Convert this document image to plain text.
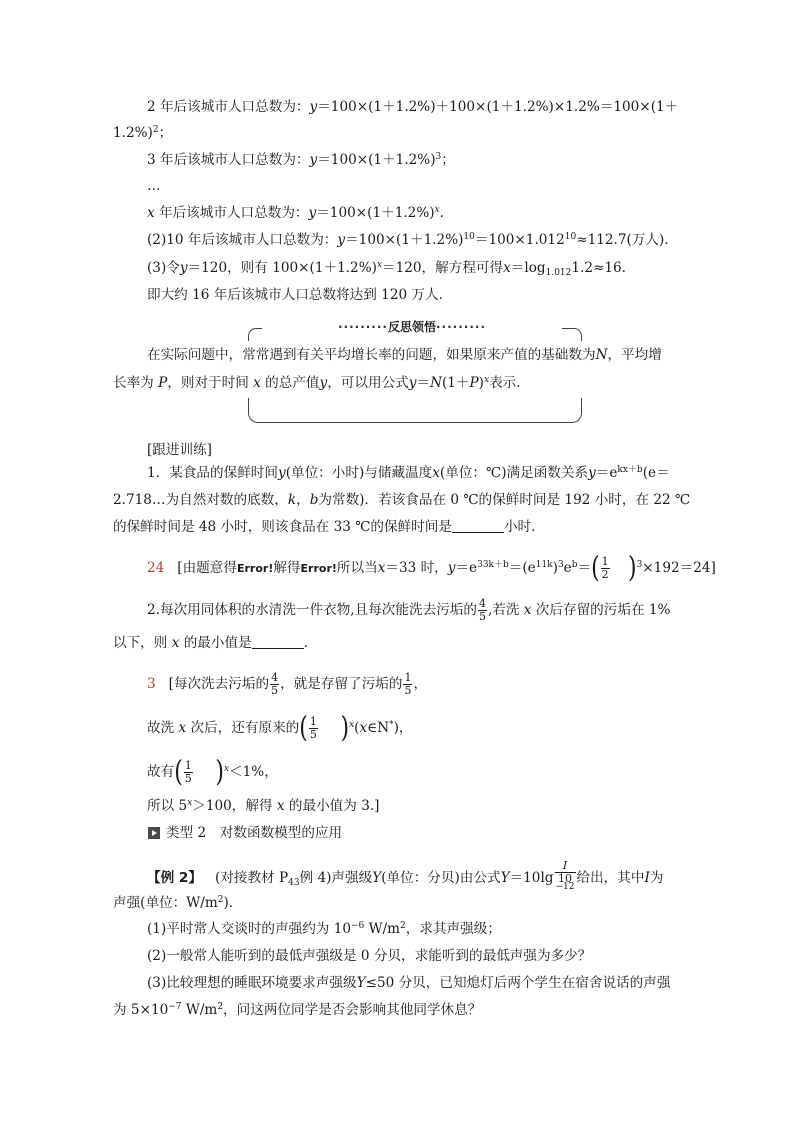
2 年后该城市人口总数为：y＝100×(1＋1.2%)＋100×(1＋1.2%)×1.2%＝100×(1＋
1.2%)$^2$；
3 年后该城市人口总数为：$y=100\times(1+1.2\%)^3$；
…
x 年后该城市人口总数为：$y=100\times(1+1.2\%)^x$.
(2)10 年后该城市人口总数为：$y=100\times(1+1.2\%)^{10}=100\times 1.012^{10}\approx 112.7$(万人)．
(3)令y＝120，则有 $100\times(1+1.2\%)^x=120$，解方程可得$x=\log_{1.012}1.2\approx 16$.
即大约 16 年后该城市人口总数将达到 120 万人．
·········反思领悟·········
在实际问题中，常常遇到有关平均增长率的问题，如果原来产值的基础数为N，平均增
长率为 P，则对于时间 x 的总产值y，可以用公式$y=N(1+P)^x$表示.
[跟进训练]
1．某食品的保鲜时间y(单位：小时)与储藏温度x(单位：℃)满足函数关系$y=e^{kx+b}(e=$
2.718…为自然对数的底数，k，b为常数)．若该食品在 0 ℃的保鲜时间是 192 小时，在 22 ℃
的保鲜时间是 48 小时，则该食品在 33 ℃的保鲜时间是	小时．
24 [由题意得Error!解得Error!所以当x＝33 时，$y=e^{33k+b}=(e^{11k})^3e^b=( \frac{1}{2} )^3\times 192=24$]
2.每次用同体积的水清洗一件衣物,且每次能洗去污垢的 $\frac{4}{5}$ ,若洗 x 次后存留的污垢在 1%
以下，则 x 的最小值是	．
3 [每次洗去污垢的 $\frac{4}{5}$ ，就是存留了污垢的 $\frac{1}{5}$ ，
故洗 x 次后，还有原来的( $\frac{1}{5}$ )$^x$(x∈N*)，
故有( $\frac{1}{5} )^x<1\%$，
所以 $5^x>100$，解得 x 的最小值为 3.]
类型 2　对数函数模型的应用
【例 2】 (对接教材 $P_{43}$例 4)声强级Y(单位：分贝)由公式Y＝10lg I
10
$^{-12}$ 给出，其中I为
声强(单位：$W/m^2$)．
(1)平时常人交谈时的声强约为 $10^{-6}$ $W/m^2$，求其声强级；
(2)一般常人能听到的最低声强级是 0 分贝，求能听到的最低声强为多少？
(3)比较理想的睡眠环境要求声强级Y≤50 分贝，已知熄灯后两个学生在宿舍说话的声强
为 $5\times 10^{-7}$ $W/m^2$，问这两位同学是否会影响其他同学休息？
